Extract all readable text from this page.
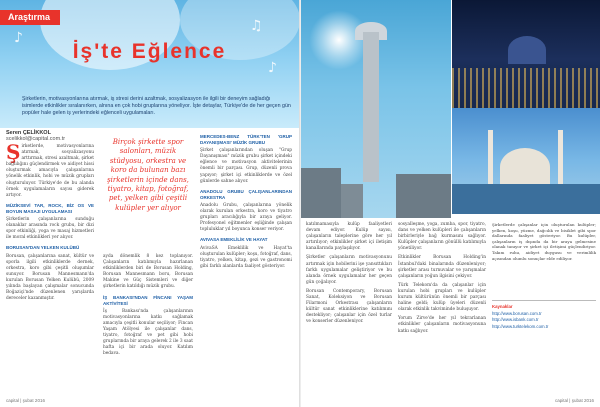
♪
♫
♪
Araştırma
İş'te Eğlence
Şirketlerin, motivasyonlarına atırmak, iş stresi derini azaltmak, sosyalizasyon ile ilgili bir deneyim sağladığı isimlerde etkinlikler sıralanırken, alnına en çok hobi gruplarına yöneliyor. İşte detaylar, Türkiye'de de her geçen gün popüler hale gelen iş yerlerindeki eğlenceli uygulamaları.
Seren ÇELİKKOL
scelikkol@capital.com.tr

Şirketlerde, motivasyonlarına atırmak, sosyalizasyonu arttırmak, stresi azaltmak, şirket bağlılığını güçlendirmek ve aidiyet hissi oluşturmak amacıyla çalışanlarına yönelik etkinlik, hobi ve müzik grupları oluşturuluyor. Türkiye'de de bu alanda örnek uygulamaların sayısı giderek artıyor.

MÜZİKSEVİ TAR, ROCK, BİZ OS VE BOYUN MASAJI UYGULAMASI

Şirketlerin çalışanlarına sunduğu olanaklar arasında rock grubu, bir dizi spor etkinliği, yoga ve masaj hizmetleri ile moral etkinlikleri yer alıyor.

BORUSAN'DAN YELKEN KULÜBÜ

Borusan, çalışanlarına sanat, kültür ve sporla ilgili etkinliklerde dernek, orkestra, koro gibi çeşitli oluşumlar sunuyor. Borusan Mannesmann'da kurulan Borusan Yelken Kulübü, 2009 yılında başlayan çalışmalar sonucunda Boğaziçi'nde düzenlenen yarışlarda dereceler kazanmıştır.

Birçok şirkette spor salonları, müzik stüdyosu, orkestra ve koro da bulunan bazı şirketlerin içinde dans, tiyatro, kitap, fotoğraf, pet, yelken gibi çeşitli kulüpler yer alıyor

ayda dönemlik 8 kez toplanıyor. Çalışanların katılımıyla hazırlanan etkinliklerden biri de Borusan Holding, Borusan Mannesmann boru, Borusan Makine ve Güç Sistemleri ve diğer şirketlerin katıldığı müzik grubu.

İŞ BANKASI'NDAN FİNCANI YAŞAM AKTİVİTESİ

İş Bankası'nda çalışanlarının motivasyonlarına katkı sağlamak amacıyla çeşitli konular seçiliyor; Fincan Yaşam Atölyesi ile çalışanlar dans, tiyatro, fotoğraf ve pet gibi hobi gruplarında bir araya gelerek 2 ile 3 saat hafta içi bir arada oluyor. Katılım bedava.

MERCEDES-BENZ TÜRK'TEN 'GRUP DAYANIŞMASI' MÜZİK GRUBU

Şirket çalışanlarından oluşan "Grup Dayanışması" müzik grubu şirket içindeki eğlence ve motivasyon aktivitelerinin önemli bir parçası. Grup, düzenli prova yapıyor; şirket içi etkinliklerde ve özel günlerde sahne alıyor.

ANADOLU GRUBU ÇALIŞANLARINDAN ORKESTRA

Anadolu Grubu, çalışanlarına yönelik olarak kurulan orkestra, koro ve tiyatro grupları aracılığıyla bir araya geliyor. Profesyonel eğitmenler eşliğinde çalışan topluluklar yıl boyunca konser veriyor.

AVIVASA EMEKLİLİK VE HAYAT

AvivaSA Emeklilik ve Hayat'ta oluşturulan kulüpler; koşu, fotoğraf, dans, tiyatro, yelken, kitap, gezi ve gastronomi gibi farklı alanlarda faaliyet gösteriyor.

capital | şubat 2016

katılmamasıyla kulüp faaliyetleri devam ediyor. Kulüp sayısı, çalışanların taleplerine göre her yıl artırılıyor; etkinlikler şirket içi iletişim kanallarında paylaşılıyor.

Şirketler çalışanların motivasyonunu artırmak için hobilerini işe yansıttıkları farklı uygulamalar geliştiriyor ve bu alanda örnek uygulamalar her geçen gün çoğalıyor.

Borusan Contemporary, Borusan Sanat, Koleksiyon ve Borusan Filarmoni Orkestrası çalışanların kültür sanat etkinliklerine katılımını destekliyor; çalışanlar için özel turlar ve konserler düzenleniyor.

sosyalleşme, yoga, zumba, spor, tiyatro, dans ve yelken kulüpleri ile çalışanların birbirleriyle bağ kurmasını sağlıyor. Kulüpler çalışanların gönüllü katılımıyla yönetiliyor.

Etkinlikler Borusan Holding'in İstanbul'daki binalarında düzenleniyor; şirketler arası turnuvalar ve yarışmalar çalışanların yoğun ilgisini çekiyor.

Türk Telekom'da da çalışanlar için kurulan hobi grupları ve kulüpler kurum kültürünün önemli bir parçası haline geldi; kulüp üyeleri düzenli olarak etkinlik takviminde buluşuyor.

Yorum Zirve'de her yıl tekrarlanan etkinlikler çalışanların motivasyonuna katkı sağlıyor.

Şirketlerde çalışanlar için oluşturulan kulüpler; yelken, koşu, yüzme, dağcılık ve bisiklet gibi spor dallarında faaliyet gösteriyor. Bu kulüpler, çalışanların iş dışında da bir araya gelmesine olanak tanıyor ve şirket içi iletişimi güçlendiriyor. Takım ruhu, aidiyet duygusu ve verimlilik açısından olumlu sonuçlar elde ediliyor.

Kaynaklar
http://www.borusan.com.tr
http://www.isbank.com.tr
http://www.turktelekom.com.tr
capital | şubat 2016
